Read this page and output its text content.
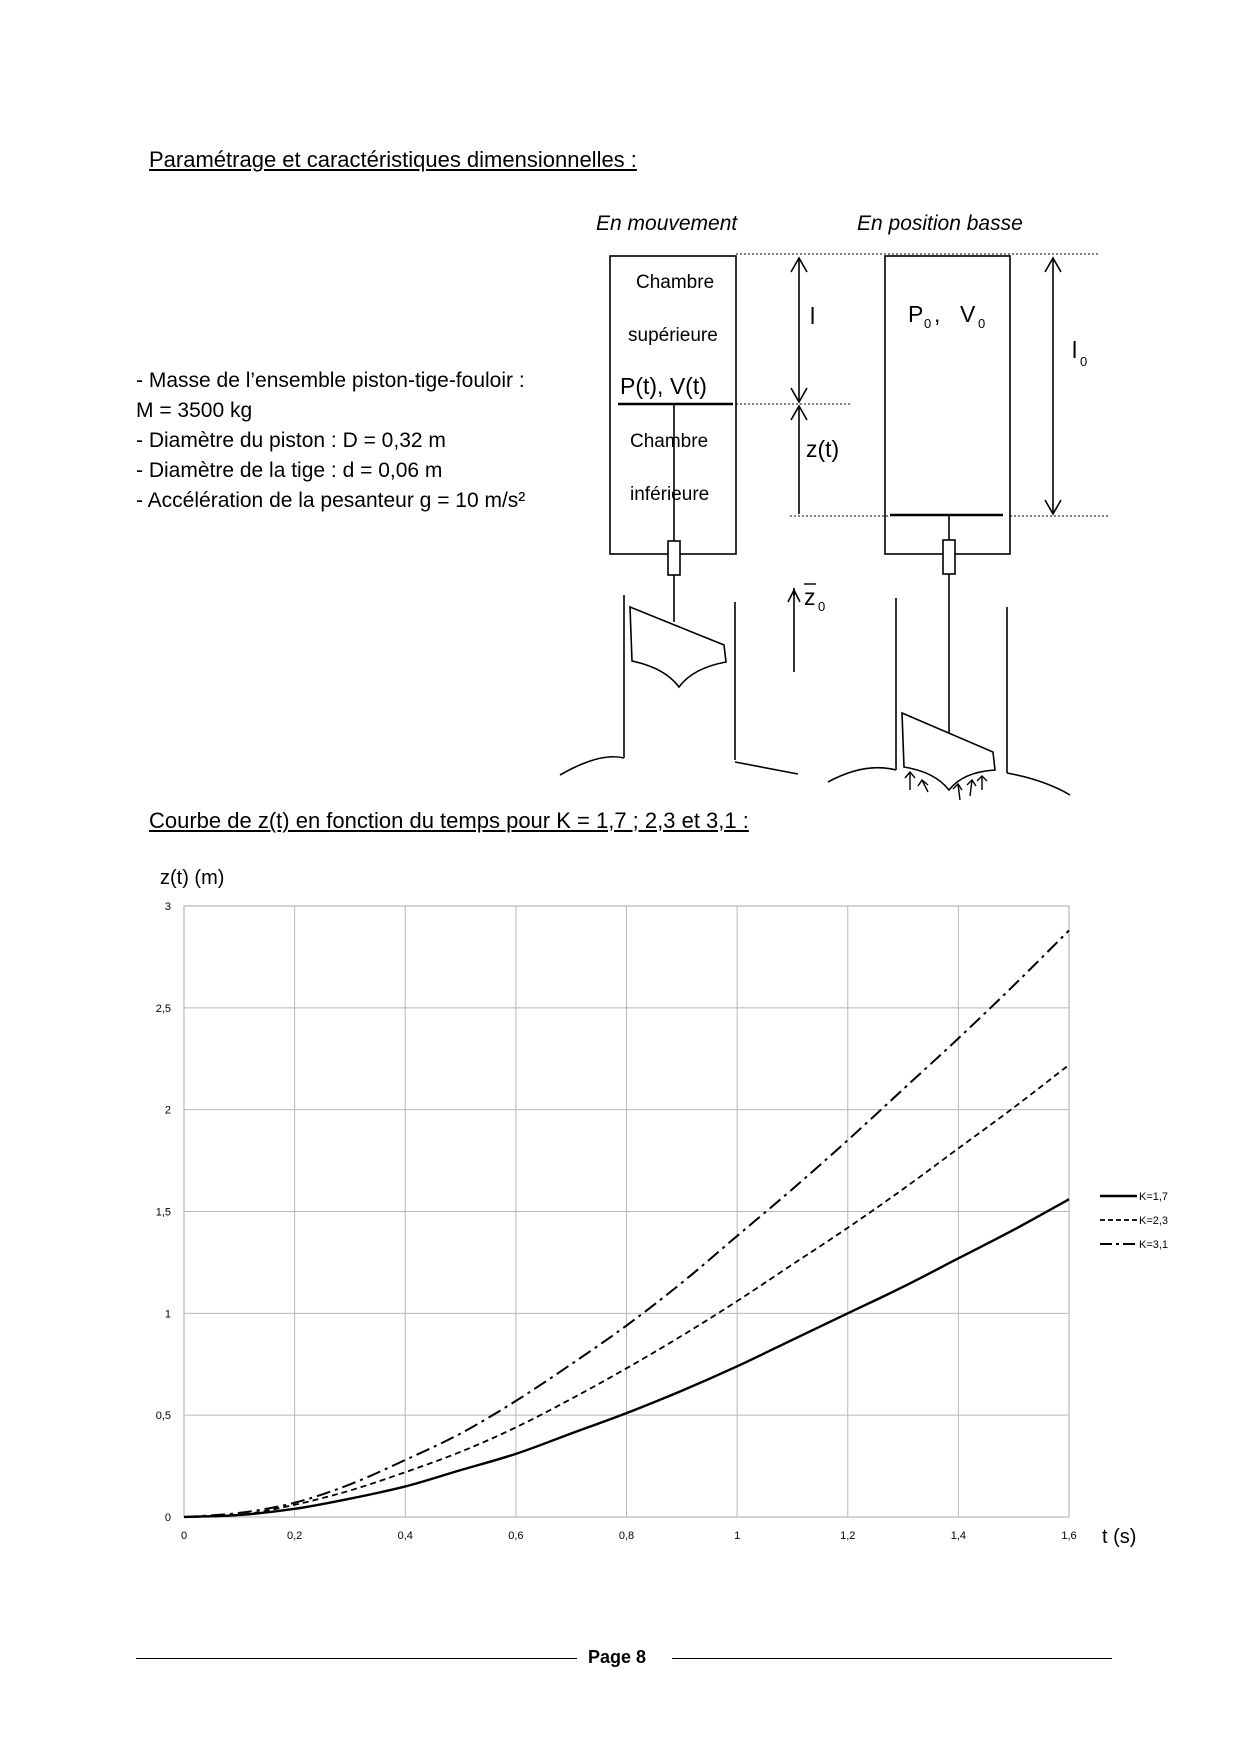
Paramétrage et caractéristiques dimensionnelles :
- Masse de l’ensemble piston-tige-fouloir :
M = 3500 kg
- Diamètre du piston : D = 0,32 m
- Diamètre de la tige : d = 0,06 m
- Accélération de la pesanteur g = 10 m/s²
En mouvement	En position basse
Chambre
supérieure
Chambre
inférieure
P(t), V(t)
l
z(t)
z 0
P 0 , V 0
l 0
Courbe de z(t) en fonction du temps pour K = 1,7 ; 2,3 et 3,1 :
0	0,2	0,4	0,6	0,8	1	1,2	1,4	1,6
0
0,5
1
1,5
2
2,5
3
K=1,7
K=2,3
K=3,1
z(t) (m)
t (s)
Page 8
